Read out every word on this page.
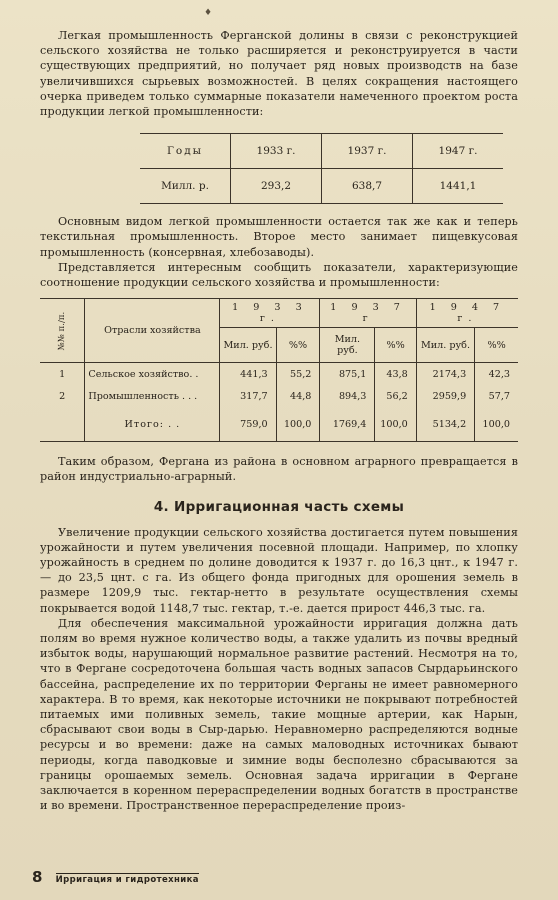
♦

Легкая промышленность Ферганской долины в связи с реконструкцией сельского хозяйства не только расширяется и реконструируется в части существующих предприятий, но получает ряд новых производств на базе увеличившихся сырьевых возможностей. В целях сокращения настоящего очерка приведем только суммарные показатели намеченного проектом роста продукции легкой промышленности:

Годы	1933 г.	1937 г.	1947 г.
Милл. р.	293,2	638,7	1441,1

Основным видом легкой промышленности остается так же как и теперь текстильная промышленность. Второе место занимает пищевкусовая промышленность (консервная, хлебозаводы).

Представляется интересным сообщить показатели, характеризующие соотношение продукции сельского хозяйства и промышленности:

№№ п./п.	Отрасли хозяйства	1 9 3 3 г.		1 9 3 7 г		1 9 4 7 г.	
		Мил. руб.	%%	Мил. руб.	%%	Мил. руб.	%%
1	Сельское хозяйство. .	441,3	55,2	875,1	43,8	2174,3	42,3
2	Промышленность . . .	317,7	44,8	894,3	56,2	2959,9	57,7
	Итого: . .	759,0	100,0	1769,4	100,0	5134,2	100,0

Таким образом, Фергана из района в основном аграрного превращается в район индустриально-аграрный.

4. Ирригационная часть схемы

Увеличение продукции сельского хозяйства достигается путем повышения урожайности и путем увеличения посевной площади. Например, по хлопку урожайность в среднем по долине доводится к 1937 г. до 16,3 цнт., к 1947 г. — до 23,5 цнт. с га. Из общего фонда пригодных для орошения земель в размере 1209,9 тыс. гектар-нетто в результате осуществления схемы покрывается водой 1148,7 тыс. гектар, т.-е. дается прирост 446,3 тыс. га.

Для обеспечения максимальной урожайности ирригация должна дать полям во время нужное количество воды, а также удалить из почвы вредный избыток воды, нарушающий нормальное развитие растений. Несмотря на то, что в Фергане сосредоточена большая часть водных запасов Сырдарьинского бассейна, распределение их по территории Ферганы не имеет равномерного характера. В то время, как некоторые источники не покрывают потребностей питаемых ими поливных земель, такие мощные артерии, как Нарын, сбрасывают свои воды в Сыр-дарью. Неравномерно распределяются водные ресурсы и во времени: даже на самых маловодных источниках бывают периоды, когда паводковые и зимние воды бесполезно сбрасываются за границы орошаемых земель. Основная задача ирригации в Фергане заключается в коренном перераспределении водных богатств в пространстве и во времени. Пространственное перераспределение произ-

8 Ирригация и гидротехника
